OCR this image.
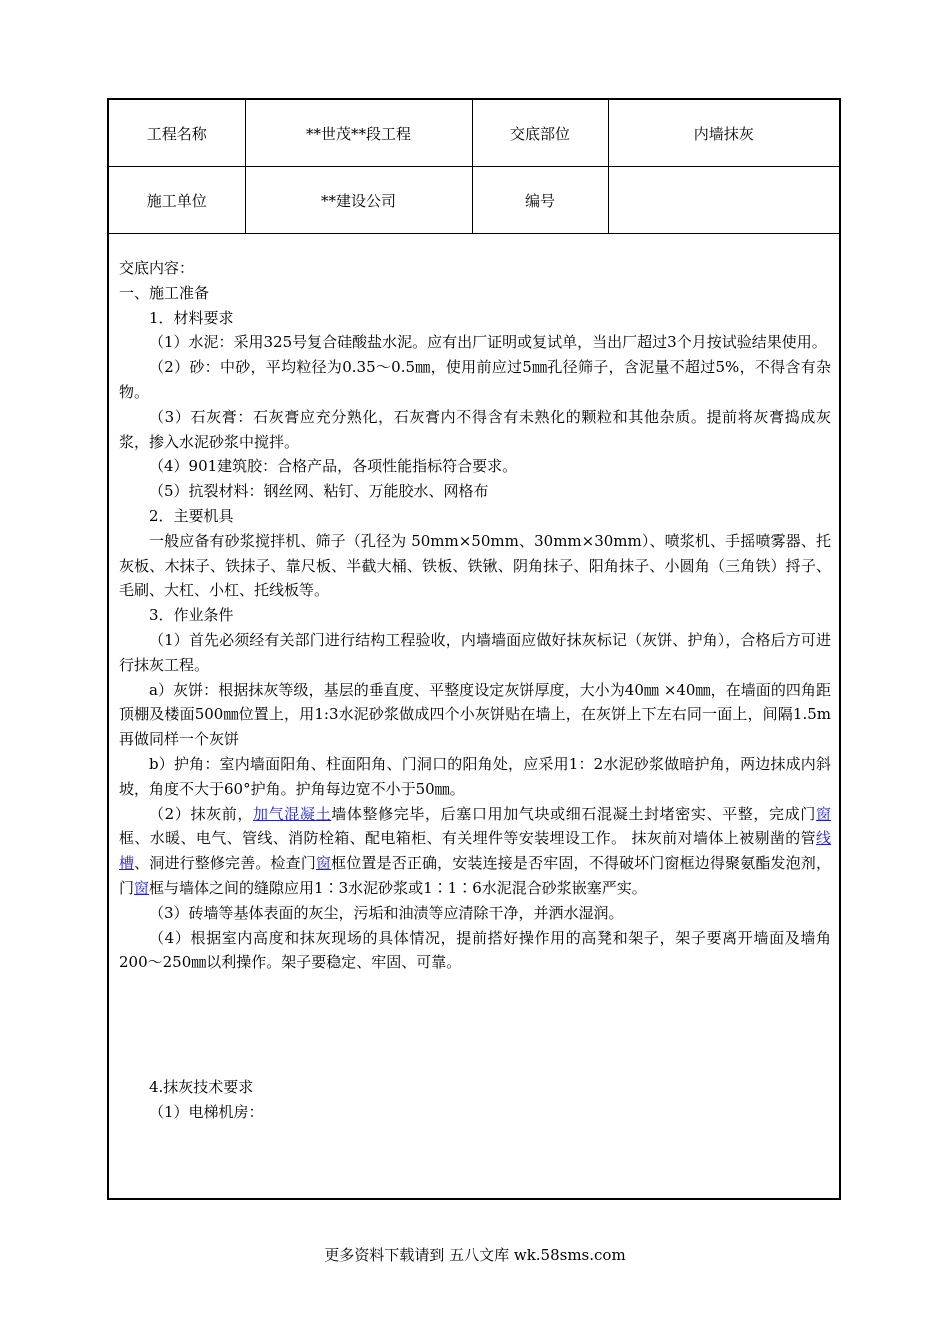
工程名称	**世茂**段工程	交底部位	内墙抹灰
施工单位	**建设公司	编号	

交底内容：

一、施工准备

1．材料要求

（1）水泥：采用325号复合硅酸盐水泥。应有出厂证明或复试单，当出厂超过3个月按试验结果使用。

（2）砂：中砂，平均粒径为0.35～0.5㎜，使用前应过5㎜孔径筛子，含泥量不超过5%，不得含有杂物。

（3）石灰膏：石灰膏应充分熟化，石灰膏内不得含有未熟化的颗粒和其他杂质。提前将灰膏捣成灰浆，掺入水泥砂浆中搅拌。

（4）901建筑胶：合格产品，各项性能指标符合要求。

（5）抗裂材料：钢丝网、粘钉、万能胶水、网格布

2．主要机具

一般应备有砂浆搅拌机、筛子（孔径为 50mm×50mm、30mm×30mm）、喷浆机、手摇喷雾器、托灰板、木抹子、铁抹子、靠尺板、半截大桶、铁板、铁锹、阴角抹子、阳角抹子、小圆角（三角铁）捋子、毛刷、大杠、小杠、托线板等。

3．作业条件

（1）首先必须经有关部门进行结构工程验收，内墙墙面应做好抹灰标记（灰饼、护角），合格后方可进行抹灰工程。

a）灰饼：根据抹灰等级，基层的垂直度、平整度设定灰饼厚度，大小为40㎜ ×40㎜，在墙面的四角距顶棚及楼面500㎜位置上，用1:3水泥砂浆做成四个小灰饼贴在墙上，在灰饼上下左右同一面上，间隔1.5m再做同样一个灰饼

b）护角：室内墙面阳角、柱面阳角、门洞口的阳角处，应采用1：2水泥砂浆做暗护角，两边抹成内斜坡，角度不大于60°护角。护角每边宽不小于50㎜。

（2）抹灰前，加气混凝土墙体整修完毕，后塞口用加气块或细石混凝土封堵密实、平整，完成门窗框、水暖、电气、管线、消防栓箱、配电箱柜、有关埋件等安装埋设工作。 抹灰前对墙体上被剔凿的管线槽、洞进行整修完善。检查门窗框位置是否正确，安装连接是否牢固，不得破坏门窗框边得聚氨酯发泡剂，门窗框与墙体之间的缝隙应用1∶3水泥砂浆或1∶1∶6水泥混合砂浆嵌塞严实。

（3）砖墙等基体表面的灰尘，污垢和油渍等应清除干净，并洒水湿润。

（4）根据室内高度和抹灰现场的具体情况，提前搭好操作用的高凳和架子，架子要离开墙面及墙角200～250㎜以利操作。架子要稳定、牢固、可靠。

4.抹灰技术要求

（1）电梯机房：

更多资料下载请到 五八文库 wk.58sms.com
